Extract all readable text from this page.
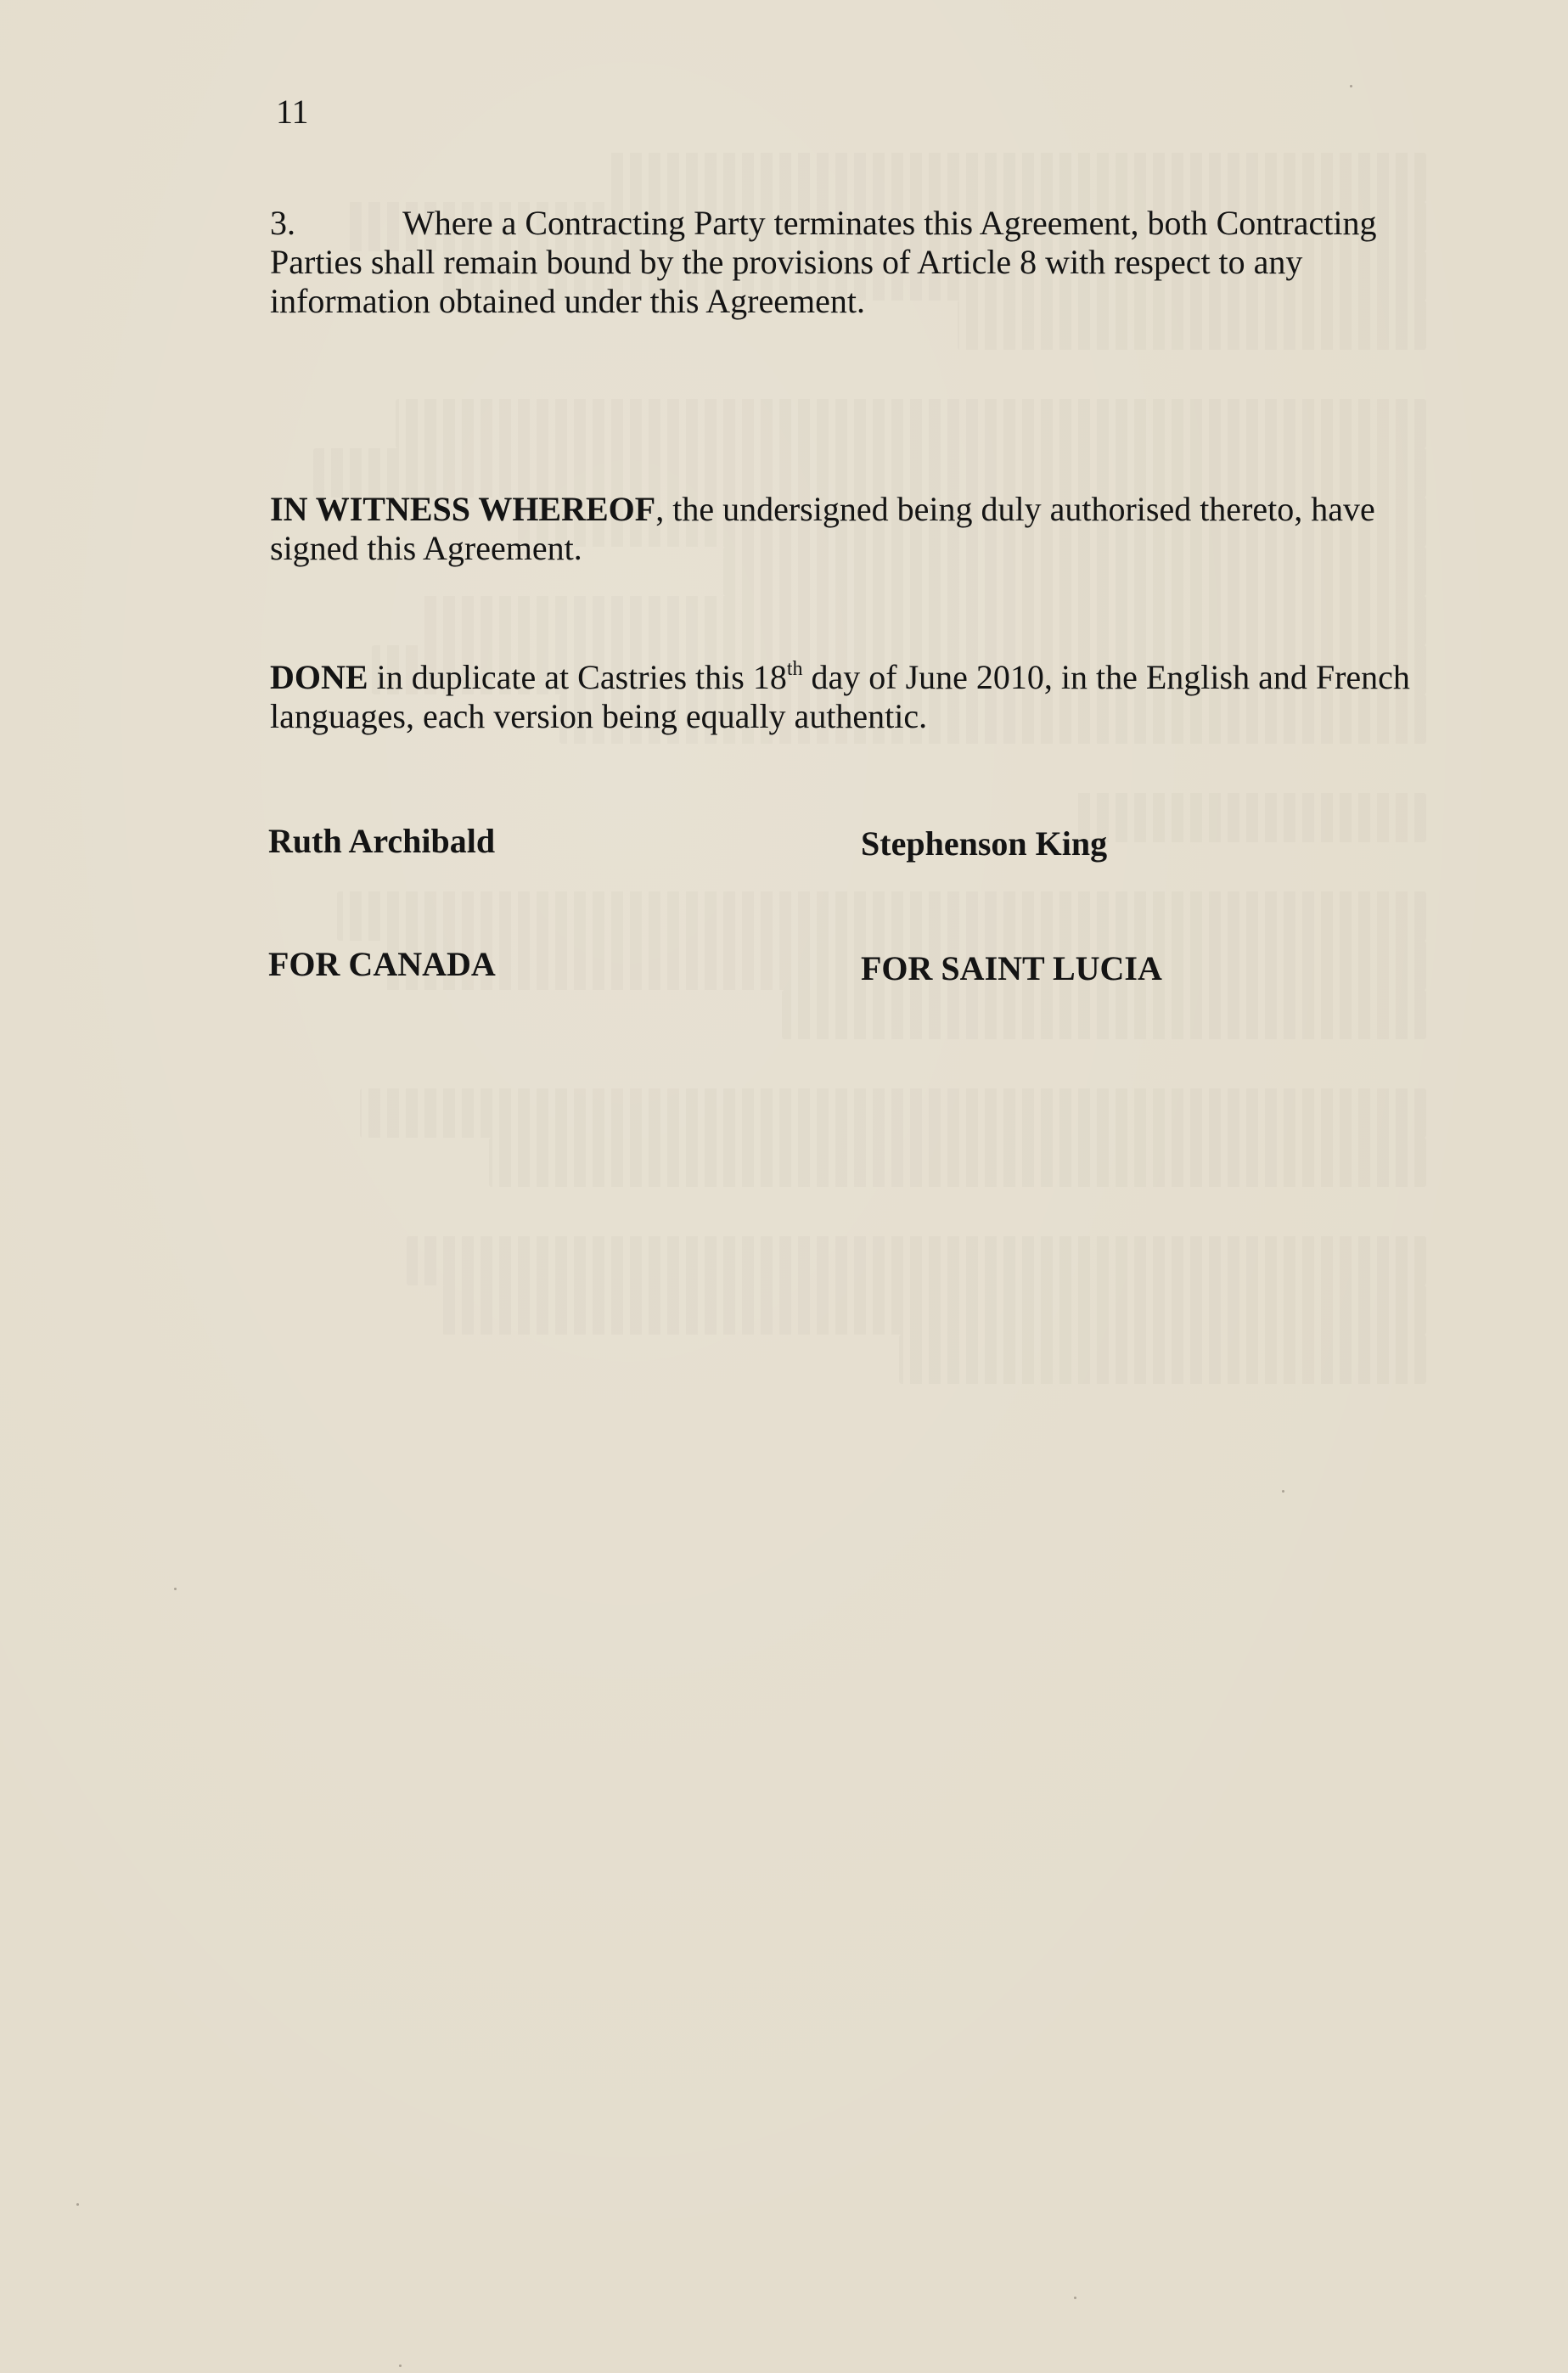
11

3.	Where a Contracting Party terminates this Agreement, both Contracting Parties shall remain bound by the provisions of Article 8 with respect to any information obtained under this Agreement.

IN WITNESS WHEREOF, the undersigned being duly authorised thereto, have signed this Agreement.

DONE in duplicate at Castries this 18th day of June 2010, in the English and French languages, each version being equally authentic.

Ruth Archibald	Stephenson King
FOR CANADA	FOR SAINT LUCIA
